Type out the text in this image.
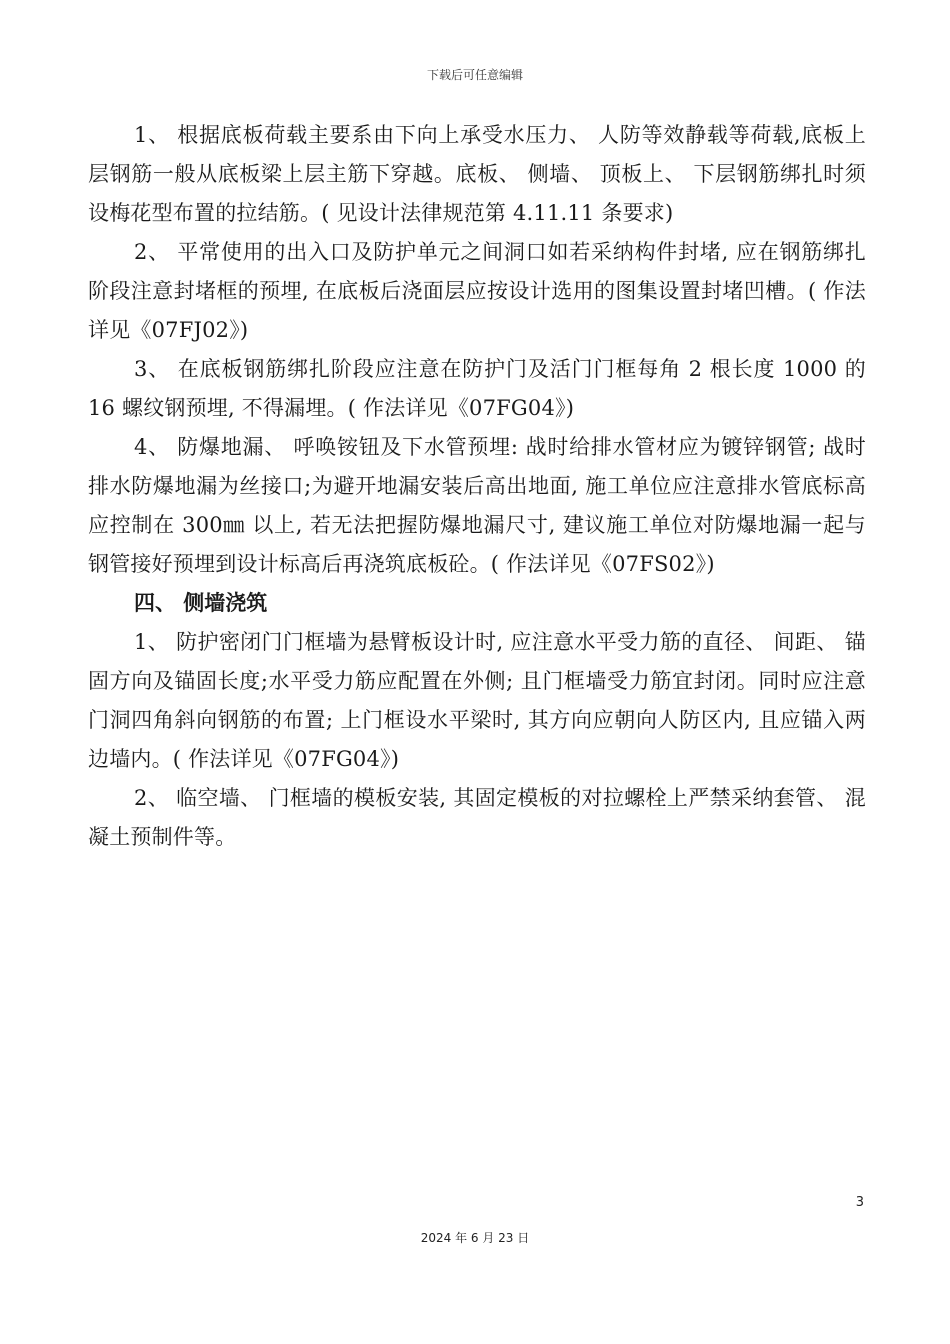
下载后可任意编辑

1、 根据底板荷载主要系由下向上承受水压力、 人防等效静载等荷载,底板上层钢筋一般从底板梁上层主筋下穿越。底板、 侧墙、 顶板上、 下层钢筋绑扎时须设梅花型布置的拉结筋。( 见设计法律规范第 4.11.11 条要求)

2、 平常使用的出入口及防护单元之间洞口如若采纳构件封堵, 应在钢筋绑扎阶段注意封堵框的预埋, 在底板后浇面层应按设计选用的图集设置封堵凹槽。( 作法详见《07FJ02》)

3、 在底板钢筋绑扎阶段应注意在防护门及活门门框每角 2 根长度 1000 的 16 螺纹钢预埋, 不得漏埋。( 作法详见《07FG04》)

4、 防爆地漏、 呼唤铵钮及下水管预埋: 战时给排水管材应为镀锌钢管; 战时排水防爆地漏为丝接口;为避开地漏安装后高出地面, 施工单位应注意排水管底标高应控制在 300㎜ 以上, 若无法把握防爆地漏尺寸, 建议施工单位对防爆地漏一起与钢管接好预埋到设计标高后再浇筑底板砼。( 作法详见《07FS02》)

四、 侧墙浇筑

1、 防护密闭门门框墙为悬臂板设计时, 应注意水平受力筋的直径、 间距、 锚固方向及锚固长度;水平受力筋应配置在外侧; 且门框墙受力筋宜封闭。同时应注意门洞四角斜向钢筋的布置; 上门框设水平梁时, 其方向应朝向人防区内, 且应锚入两边墙内。( 作法详见《07FG04》)

2、 临空墙、 门框墙的模板安装, 其固定模板的对拉螺栓上严禁采纳套管、 混凝土预制件等。

3
2024 年 6 月 23 日
